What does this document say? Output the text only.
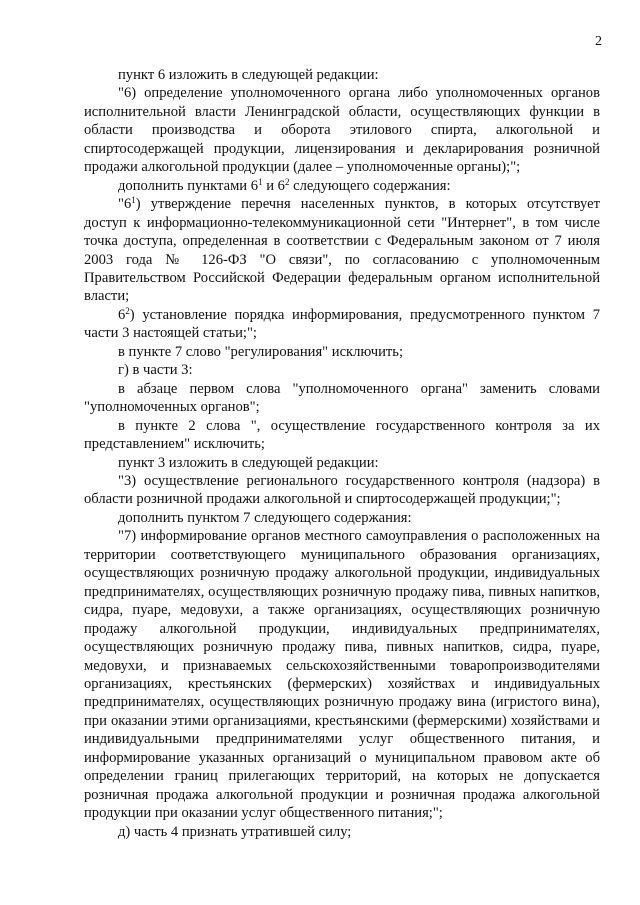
2

пункт 6 изложить в следующей редакции:

"6) определение уполномоченного органа либо уполномоченных органов исполнительной власти Ленинградской области, осуществляющих функции в области производства и оборота этилового спирта, алкогольной и спиртосодержащей продукции, лицензирования и декларирования розничной продажи алкогольной продукции (далее – уполномоченные органы);";

дополнить пунктами $6^1$ и $6^2$ следующего содержания:

"$6^1$) утверждение перечня населенных пунктов, в которых отсутствует доступ к информационно-телекоммуникационной сети "Интернет", в том числе точка доступа, определенная в соответствии с Федеральным законом от 7 июля 2003 года № 126-ФЗ "О связи", по согласованию с уполномоченным Правительством Российской Федерации федеральным органом исполнительной власти;

$6^2$) установление порядка информирования, предусмотренного пунктом 7 части 3 настоящей статьи;";

в пункте 7 слово "регулирования" исключить;

г) в части 3:

в абзаце первом слова "уполномоченного органа" заменить словами "уполномоченных органов";

в пункте 2 слова ", осуществление государственного контроля за их представлением" исключить;

пункт 3 изложить в следующей редакции:

"3) осуществление регионального государственного контроля (надзора) в области розничной продажи алкогольной и спиртосодержащей продукции;";

дополнить пунктом 7 следующего содержания:

"7) информирование органов местного самоуправления о расположенных на территории соответствующего муниципального образования организациях, осуществляющих розничную продажу алкогольной продукции, индивидуальных предпринимателях, осуществляющих розничную продажу пива, пивных напитков, сидра, пуаре, медовухи, а также организациях, осуществляющих розничную продажу алкогольной продукции, индивидуальных предпринимателях, осуществляющих розничную продажу пива, пивных напитков, сидра, пуаре, медовухи, и признаваемых сельскохозяйственными товаропроизводителями организациях, крестьянских (фермерских) хозяйствах и индивидуальных предпринимателях, осуществляющих розничную продажу вина (игристого вина), при оказании этими организациями, крестьянскими (фермерскими) хозяйствами и индивидуальными предпринимателями услуг общественного питания, и информирование указанных организаций о муниципальном правовом акте об определении границ прилегающих территорий, на которых не допускается розничная продажа алкогольной продукции и розничная продажа алкогольной продукции при оказании услуг общественного питания;";

д) часть 4 признать утратившей силу;
